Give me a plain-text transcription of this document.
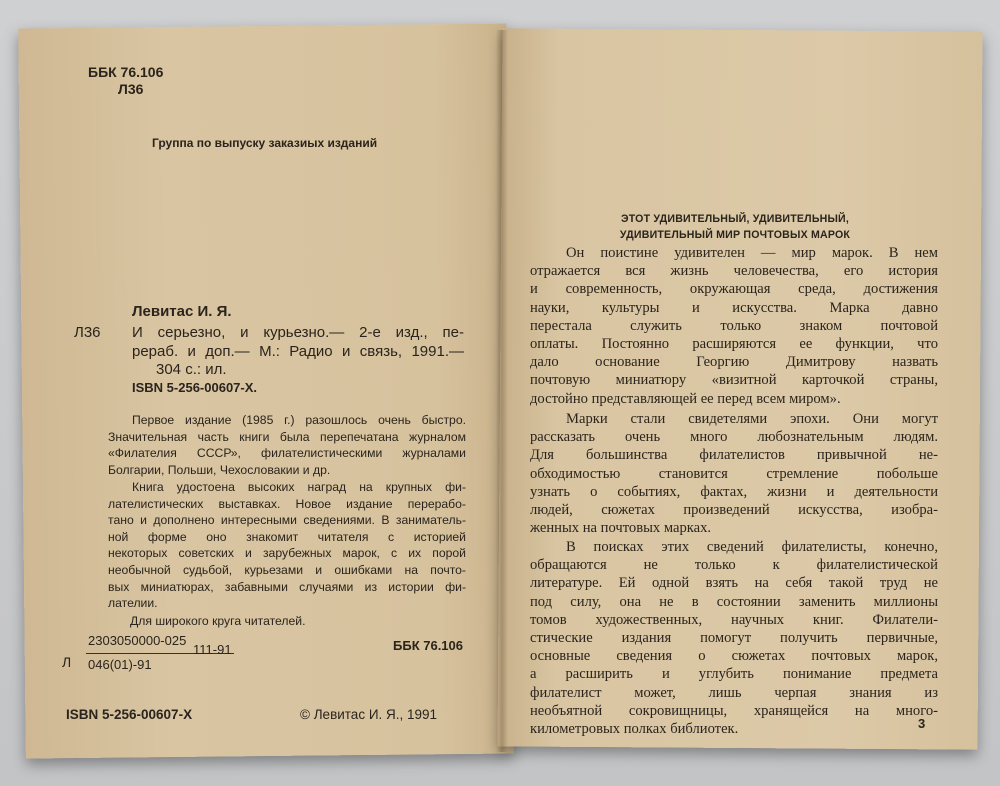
ББК 76.106
Л36
Группа по выпуску заказиых изданий
Левитас И. Я.
Л36 И серьезно, и курьезно.— 2-е изд., пе-
рераб. и доп.— М.: Радио и связь, 1991.—
304 с.: ил.
ISBN 5-256-00607-X.
Первое издание (1985 г.) разошлось очень быстро.
Значительная часть книги была перепечатана журналом
«Филателия СССР», филателистическими журналами
Болгарии, Польши, Чехословакии и др.
Книга удостоена высоких наград на крупных фи-
лателистических выставках. Новое издание перерабо-
тано и дополнено интересными сведениями. В заниматель-
ной форме оно знакомит читателя с историей
некоторых советских и зарубежных марок, с их порой
необычной судьбой, курьезами и ошибками на почто-
вых миниатюрах, забавными случаями из истории фи-
лателии.
Для широкого круга читателей.
Л
2303050000-025
046(01)-91
111-91	ББК 76.106
ISBN 5-256-00607-X	© Левитас И. Я., 1991
ЭТОТ УДИВИТЕЛЬНЫЙ, УДИВИТЕЛЬНЫЙ,
УДИВИТЕЛЬНЫЙ МИР ПОЧТОВЫХ МАРОК
Он поистине удивителен — мир марок. В нем
отражается вся жизнь человечества, его история
и современность, окружающая среда, достижения
науки, культуры и искусства. Марка давно
перестала служить только знаком почтовой
оплаты. Постоянно расширяются ее функции, что
дало основание Георгию Димитрову назвать
почтовую миниатюру «визитной карточкой страны,
достойно представляющей ее перед всем миром».
Марки стали свидетелями эпохи. Они могут
рассказать очень много любознательным людям.
Для большинства филателистов привычной не-
обходимостью становится стремление побольше
узнать о событиях, фактах, жизни и деятельности
людей, сюжетах произведений искусства, изобра-
женных на почтовых марках.
В поисках этих сведений филателисты, конечно,
обращаются не только к филателистической
литературе. Ей одной взять на себя такой труд не
под силу, она не в состоянии заменить миллионы
томов художественных, научных книг. Филатели-
стические издания помогут получить первичные,
основные сведения о сюжетах почтовых марок,
а расширить и углубить понимание предмета
филателист может, лишь черпая знания из
необъятной сокровищницы, хранящейся на много-
километровых полках библиотек.	3
